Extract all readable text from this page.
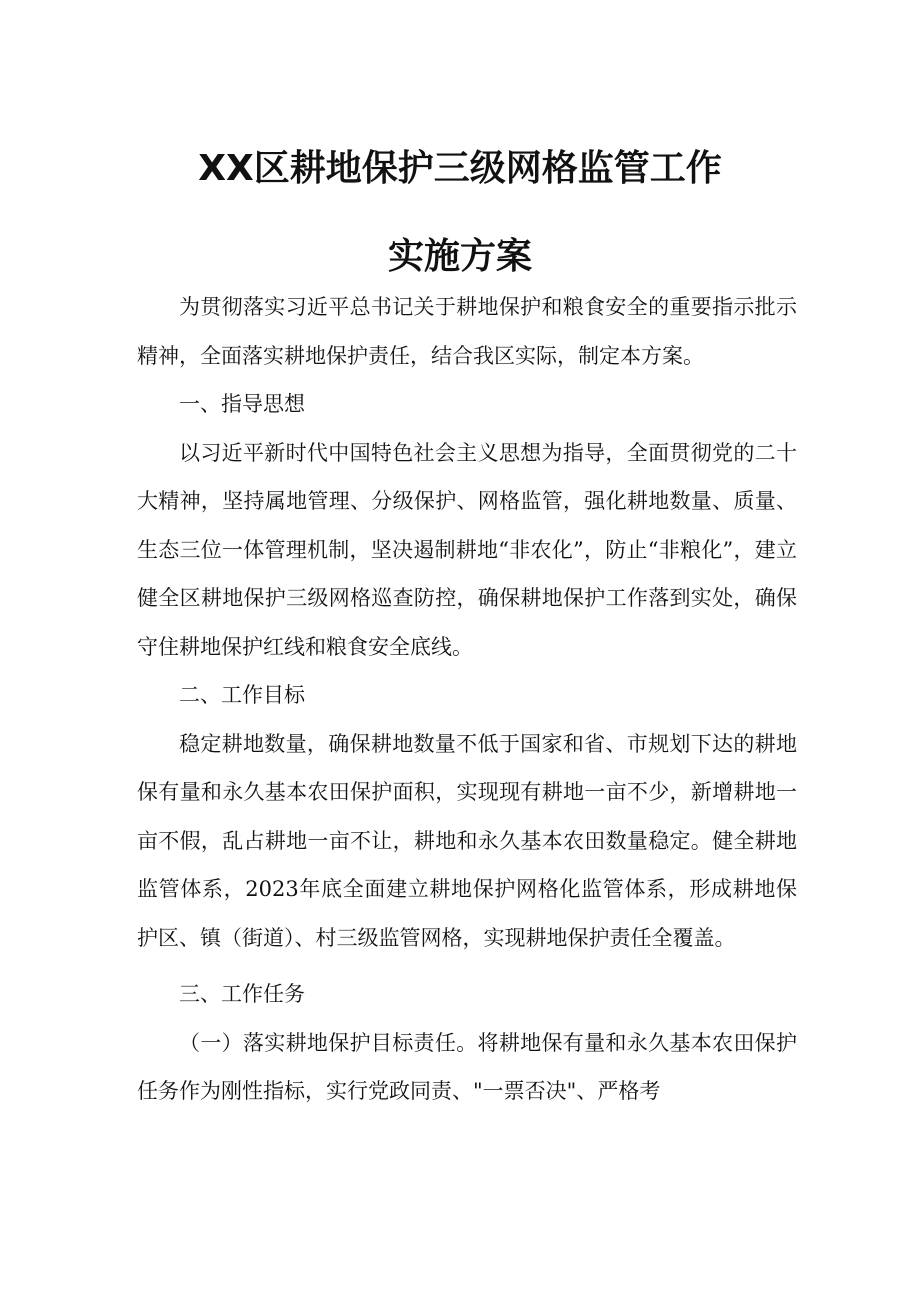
XX区耕地保护三级网格监管工作
实施方案

为贯彻落实习近平总书记关于耕地保护和粮食安全的重要指示批示精神，全面落实耕地保护责任，结合我区实际，制定本方案。

一、指导思想

以习近平新时代中国特色社会主义思想为指导，全面贯彻党的二十大精神，坚持属地管理、分级保护、网格监管，强化耕地数量、质量、生态三位一体管理机制，坚决遏制耕地“非农化”，防止“非粮化”，建立健全区耕地保护三级网格巡查防控，确保耕地保护工作落到实处，确保守住耕地保护红线和粮食安全底线。

二、工作目标

稳定耕地数量，确保耕地数量不低于国家和省、市规划下达的耕地保有量和永久基本农田保护面积，实现现有耕地一亩不少，新增耕地一亩不假，乱占耕地一亩不让，耕地和永久基本农田数量稳定。健全耕地监管体系，2023年底全面建立耕地保护网格化监管体系，形成耕地保护区、镇（街道）、村三级监管网格，实现耕地保护责任全覆盖。

三、工作任务

（一）落实耕地保护目标责任。将耕地保有量和永久基本农田保护任务作为刚性指标，实行党政同责、"一票否决"、严格考
